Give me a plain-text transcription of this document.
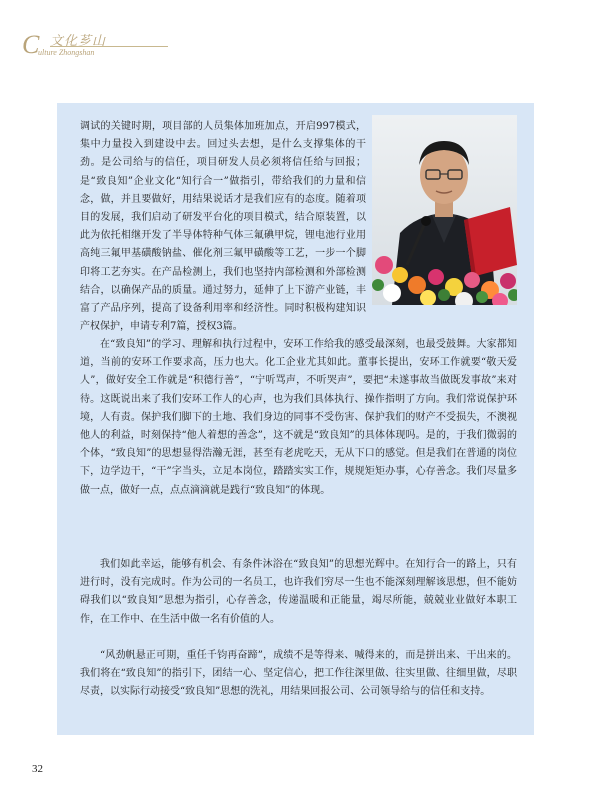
C 文化芗山
ulture Zhongshan

调试的关键时期，项目部的人员集体加班加点，开启997模式，集中力量投入到建设中去。回过头去想，是什么支撑集体的干劲。是公司给与的信任，项目研发人员必须将信任给与回报；是“致良知”企业文化“知行合一”做指引，带给我们的力量和信念，做，并且要做好，用结果说话才是我们应有的态度。随着项目的发展，我们启动了研发平台化的项目模式，结合原装置，以此为依托相继开发了半导体特种气体三氟碘甲烷，锂电池行业用高纯三氟甲基磺酸钠盐、催化剂三氟甲磺酸等工艺，一步一个脚印将工艺夯实。在产品检测上，我们也坚持内部检测和外部检测结合，以确保产品的质量。通过努力，延伸了上下游产业链，丰富了产品序列，提高了设备利用率和经济性。同时积极构建知识产权保护，申请专利7篇，授权3篇。

在“致良知”的学习、理解和执行过程中，安环工作给我的感受最深刻，也最受鼓舞。大家都知道，当前的安环工作要求高，压力也大。化工企业尤其如此。董事长提出，安环工作就要“敬天爱人”，做好安全工作就是“积德行善”，“宁听骂声，不听哭声”，要把“未遂事故当做既发事故”来对待。这既说出来了我们安环工作人的心声，也为我们具体执行、操作指明了方向。我们常说保护环境，人有责。保护我们脚下的土地、我们身边的同事不受伤害、保护我们的财产不受损失，不澳视他人的利益，时刻保持“他人着想的善念”，这不就是“致良知”的具体体现吗。是的，于我们微弱的个体，“致良知”的思想显得浩瀚无涯，甚至有老虎吃天，无从下口的感觉。但是我们在普通的岗位下，边学边干，“干”字当头，立足本岗位，踏踏实实工作，规规矩矩办事，心存善念。我们尽量多做一点，做好一点，点点滴滴就是践行“致良知”的体现。

我们如此幸运，能够有机会、有条件沐浴在“致良知”的思想光辉中。在知行合一的路上，只有进行时，没有完成时。作为公司的一名员工，也许我们穷尽一生也不能深刻理解该思想，但不能妨碍我们以“致良知”思想为指引，心存善念，传递温暖和正能量，竭尽所能，兢兢业业做好本职工作，在工作中、在生活中做一名有价值的人。

“风劲帆悬正可期，重任千钧再奋蹄”，成绩不是等得来、喊得来的，而是拼出来、干出来的。我们将在“致良知”的指引下，团结一心、坚定信心，把工作往深里做、往实里做、往细里做，尽职尽责，以实际行动接受“致良知”思想的洗礼，用结果回报公司、公司领导给与的信任和支持。

32
